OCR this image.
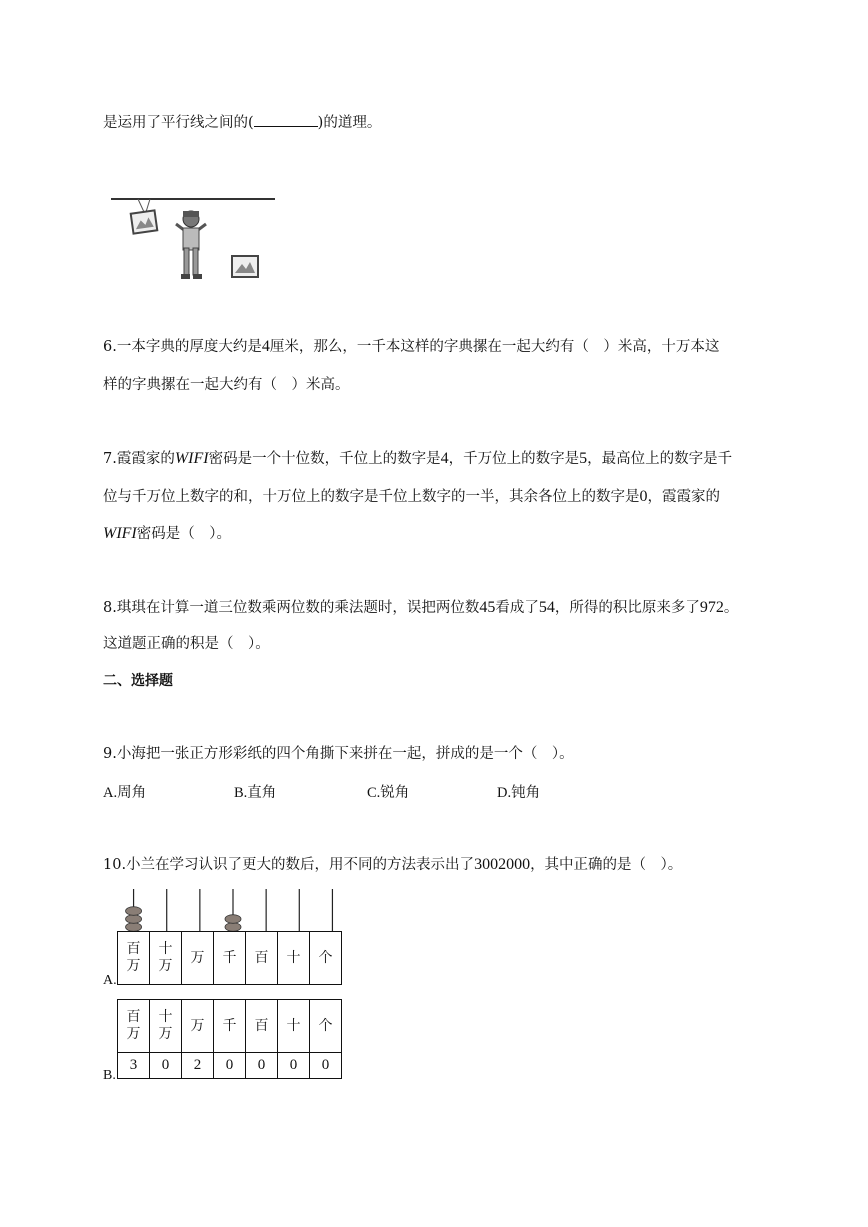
是运用了平行线之间的(	)的道理。
6.一本字典的厚度大约是4厘米，那么，一千本这样的字典摞在一起大约有（　）米高，十万本这
样的字典摞在一起大约有（　）米高。
7.霞霞家的WIFI密码是一个十位数，千位上的数字是4，千万位上的数字是5，最高位上的数字是千
位与千万位上数字的和，十万位上的数字是千位上数字的一半，其余各位上的数字是0，霞霞家的
WIFI密码是（　）。
8.琪琪在计算一道三位数乘两位数的乘法题时，误把两位数45看成了54，所得的积比原来多了972。
这道题正确的积是（　）。
二、选择题
9.小海把一张正方形彩纸的四个角撕下来拼在一起，拼成的是一个（　）。
A.周角	B.直角	C.锐角	D.钝角
10.小兰在学习认识了更大的数后，用不同的方法表示出了3002000，其中正确的是（　）。
百万	十万	万	千	百	十	个
A.
百万	十万	万	千	百	十	个
3	0	2	0	0	0	0
B.
